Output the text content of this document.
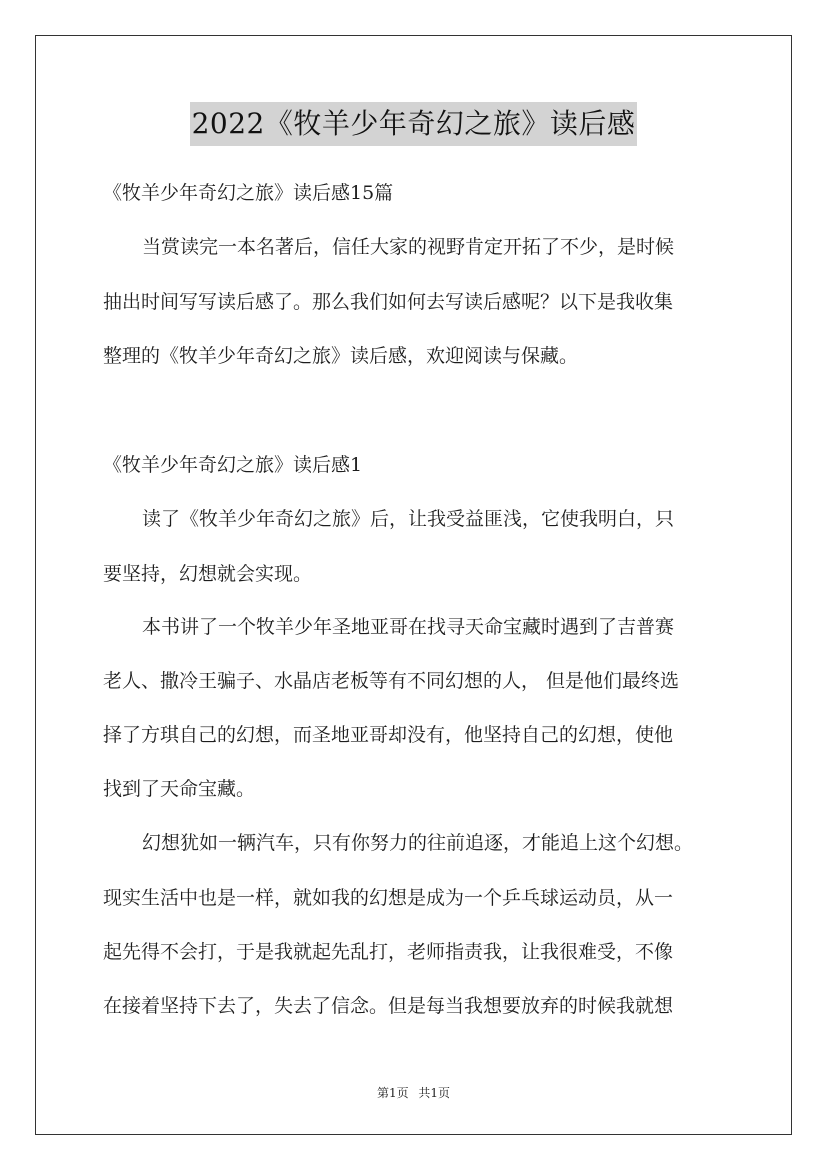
2022《牧羊少年奇幻之旅》读后感
《牧羊少年奇幻之旅》读后感15篇
当赏读完一本名著后，信任大家的视野肯定开拓了不少，是时候
抽出时间写写读后感了。那么我们如何去写读后感呢？以下是我收集
整理的《牧羊少年奇幻之旅》读后感，欢迎阅读与保藏。
《牧羊少年奇幻之旅》读后感1
读了《牧羊少年奇幻之旅》后，让我受益匪浅，它使我明白，只
要坚持，幻想就会实现。
本书讲了一个牧羊少年圣地亚哥在找寻天命宝藏时遇到了吉普赛
老人、撒冷王骗子、水晶店老板等有不同幻想的人， 但是他们最终选
择了方琪自己的幻想，而圣地亚哥却没有，他坚持自己的幻想，使他
找到了天命宝藏。
幻想犹如一辆汽车，只有你努力的往前追逐，才能追上这个幻想。
现实生活中也是一样，就如我的幻想是成为一个乒乓球运动员，从一
起先得不会打，于是我就起先乱打，老师指责我，让我很难受，不像
在接着坚持下去了，失去了信念。但是每当我想要放弃的时候我就想
第1页 共1页
